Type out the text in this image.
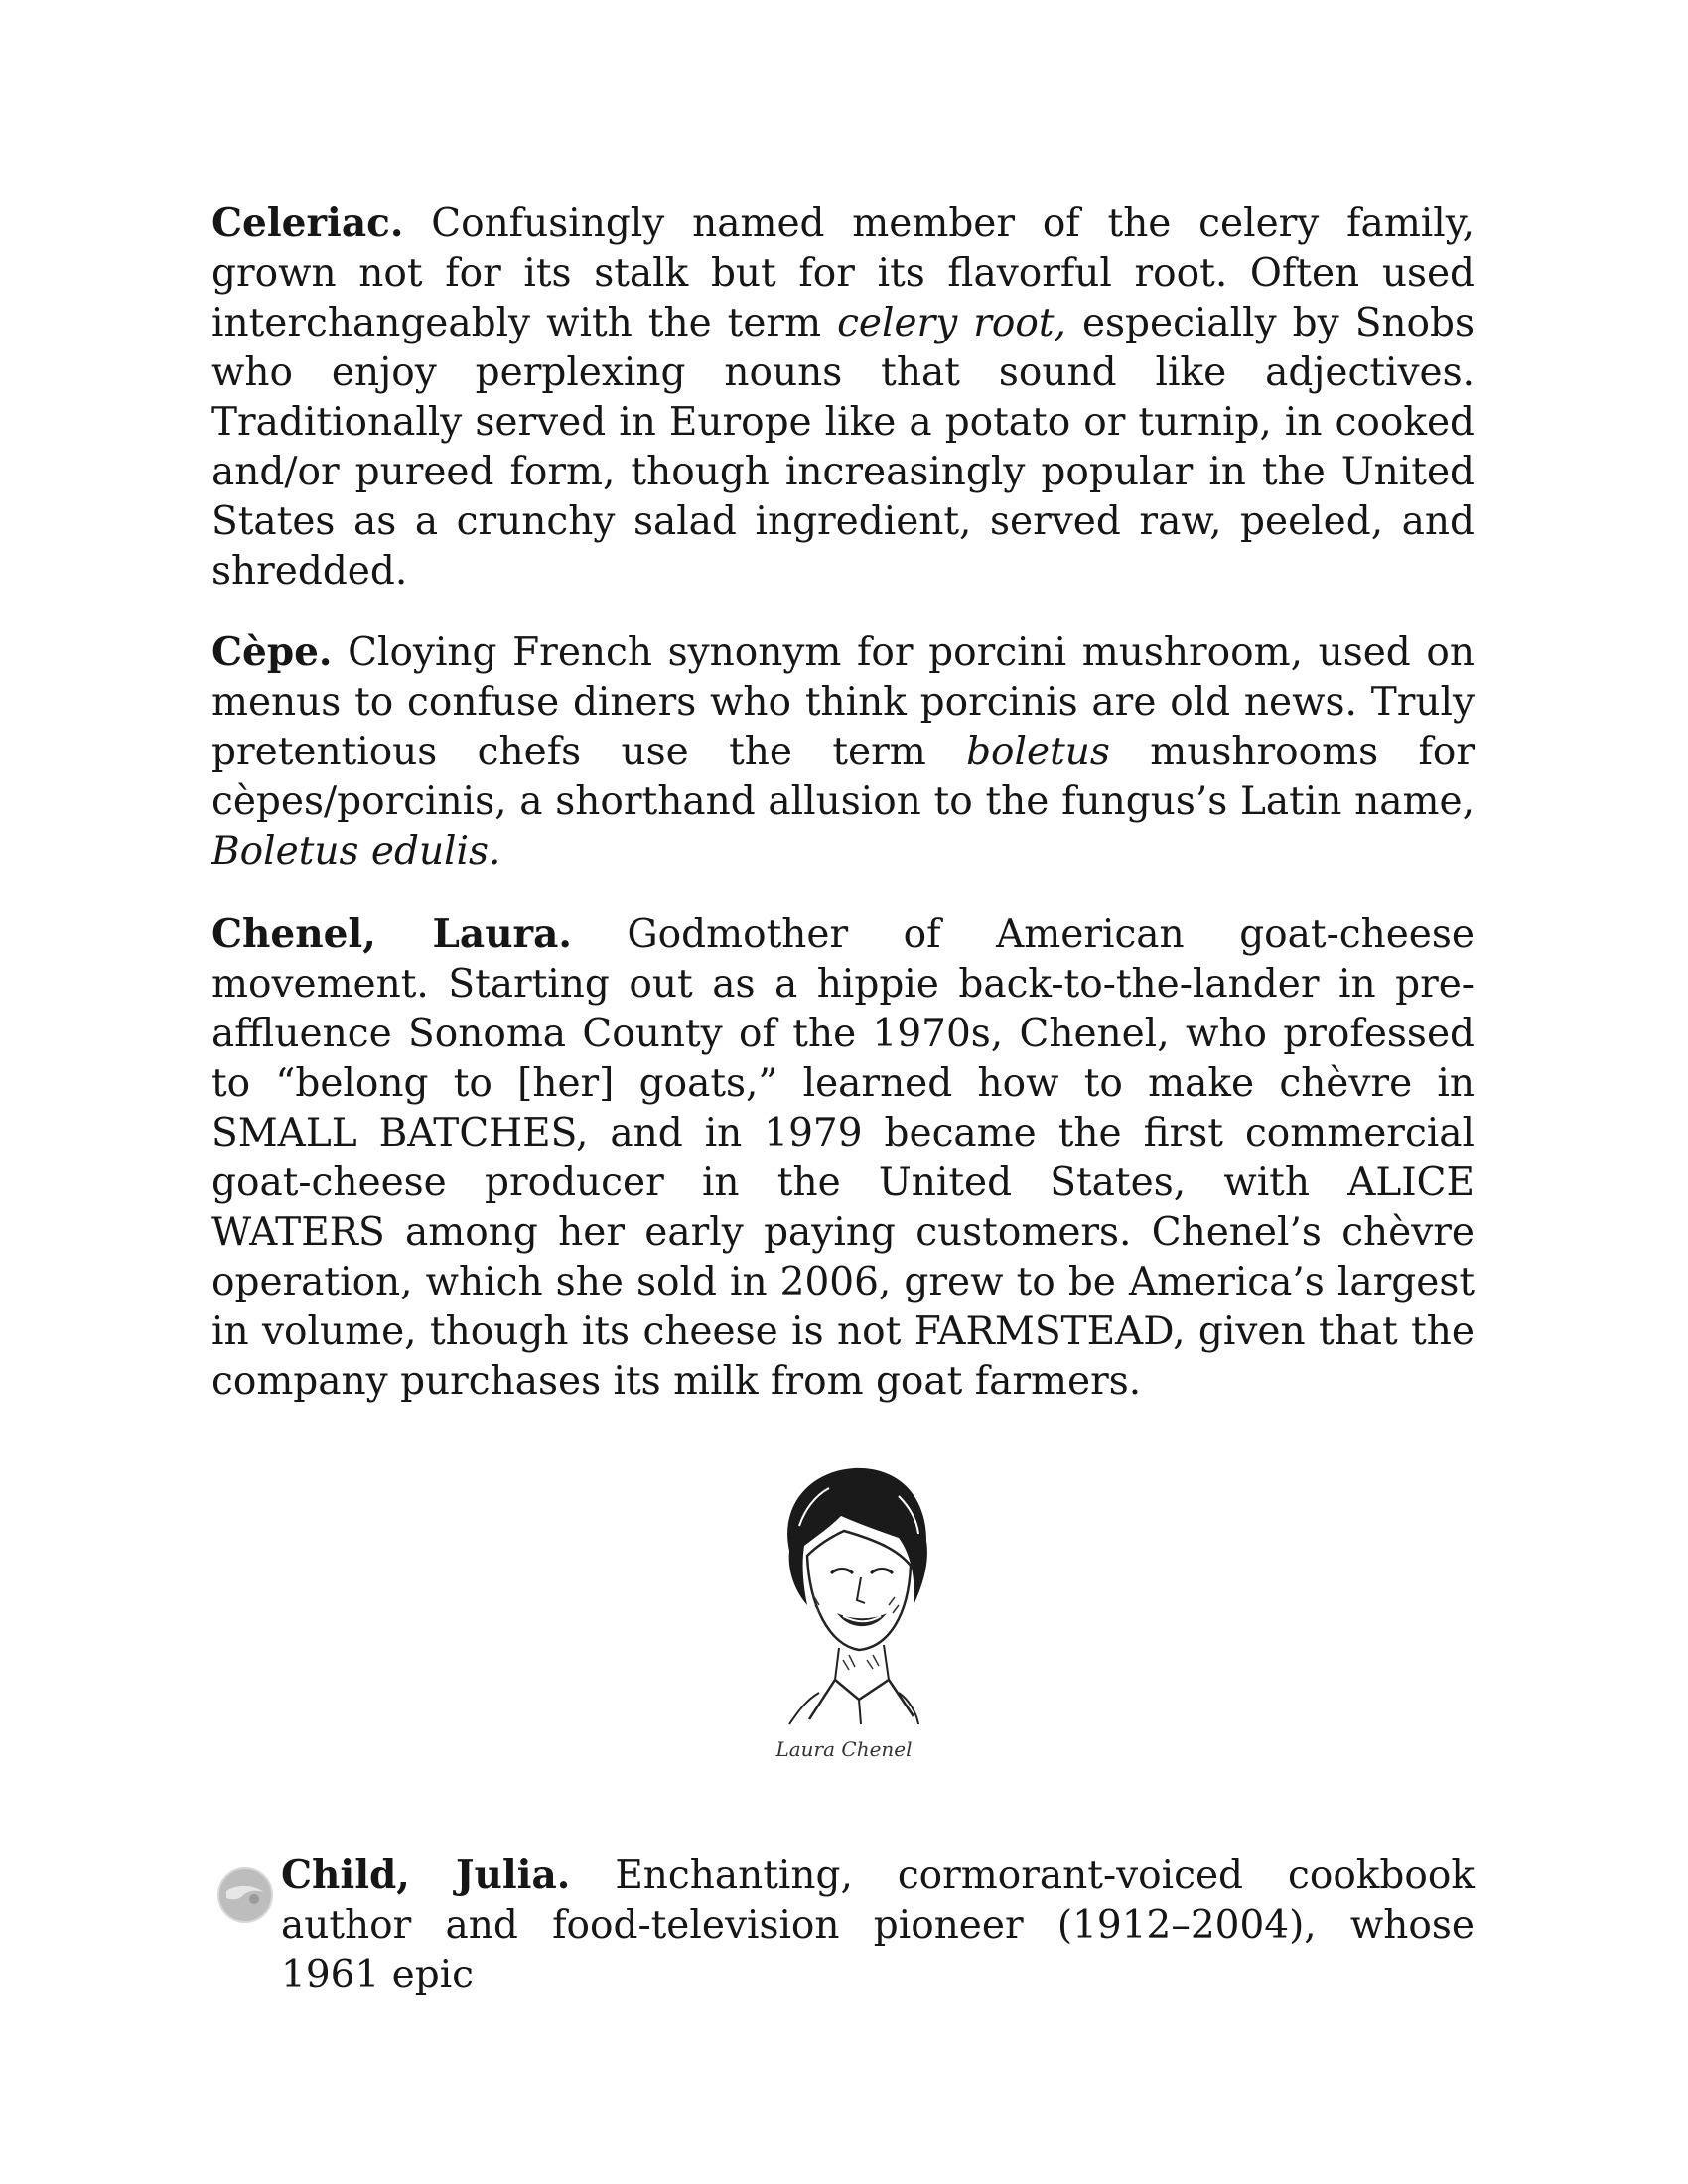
Celeriac. Confusingly named member of the celery family, grown not for its stalk but for its flavorful root. Often used interchangeably with the term celery root, especially by Snobs who enjoy perplexing nouns that sound like adjectives. Traditionally served in Europe like a potato or turnip, in cooked and/or pureed form, though increasingly popular in the United States as a crunchy salad ingredient, served raw, peeled, and shredded.

Cèpe. Cloying French synonym for porcini mushroom, used on menus to confuse diners who think porcinis are old news. Truly pretentious chefs use the term boletus mushrooms for cèpes/porcinis, a shorthand allusion to the fungus’s Latin name, Boletus edulis.

Chenel, Laura. Godmother of American goat-cheese movement. Starting out as a hippie back-to-the-lander in pre-affluence Sonoma County of the 1970s, Chenel, who professed to “belong to [her] goats,” learned how to make chèvre in SMALL BATCHES, and in 1979 became the first commercial goat-cheese producer in the United States, with ALICE WATERS among her early paying customers. Chenel’s chèvre operation, which she sold in 2006, grew to be America’s largest in volume, though its cheese is not FARMSTEAD, given that the company purchases its milk from goat farmers.

Laura Chenel

Child, Julia. Enchanting, cormorant-voiced cookbook author and food-television pioneer (1912–2004), whose 1961 epic
